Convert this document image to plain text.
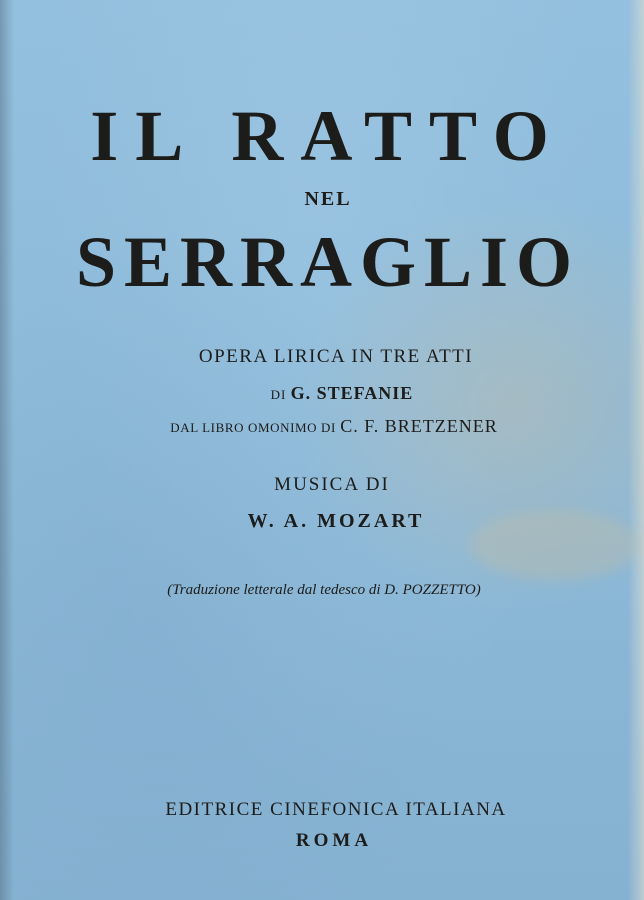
IL RATTO
NEL
SERRAGLIO
OPERA LIRICA IN TRE ATTI
DI G. STEFANIE
DAL LIBRO OMONIMO DI C. F. BRETZENER
MUSICA DI
W. A. MOZART
(Traduzione letterale dal tedesco di D. POZZETTO)
EDITRICE CINEFONICA ITALIANA
ROMA
